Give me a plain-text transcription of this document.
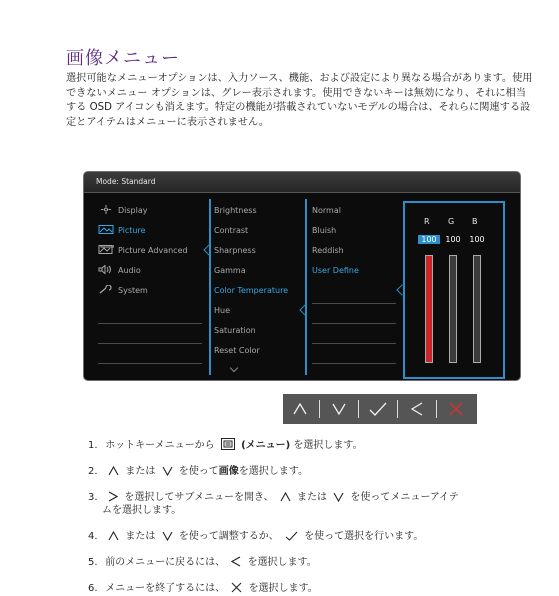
画像メニュー
選択可能なメニューオプションは、入力ソース、機能、および設定により異なる場合があります。使用できないメニュー オプションは、グレー表示されます。使用できないキーは無効になり、それに相当する OSD アイコンも消えます。特定の機能が搭載されていないモデルの場合は、それらに関連する設定とアイテムはメニューに表示されません。
Mode: Standard
Display
Picture
Picture Advanced
Audio
System
Brightness
Contrast
Sharpness
Gamma
Color Temperature
Hue
Saturation
Reset Color
Normal
Bluish
Reddish
User Define
R G B
100	100	100
1. ホットキーメニューから	(メニュー) を選択します。
2.	または を使って画像を選択します。
3.	を選択してサブメニューを開き、 または を使ってメニューアイテ
ムを選択します。
4.	または を使って調整するか、	を使って選択を行います。
5. 前のメニューに戻るには、 を選択します。
6. メニューを終了するには、 を選択します。
